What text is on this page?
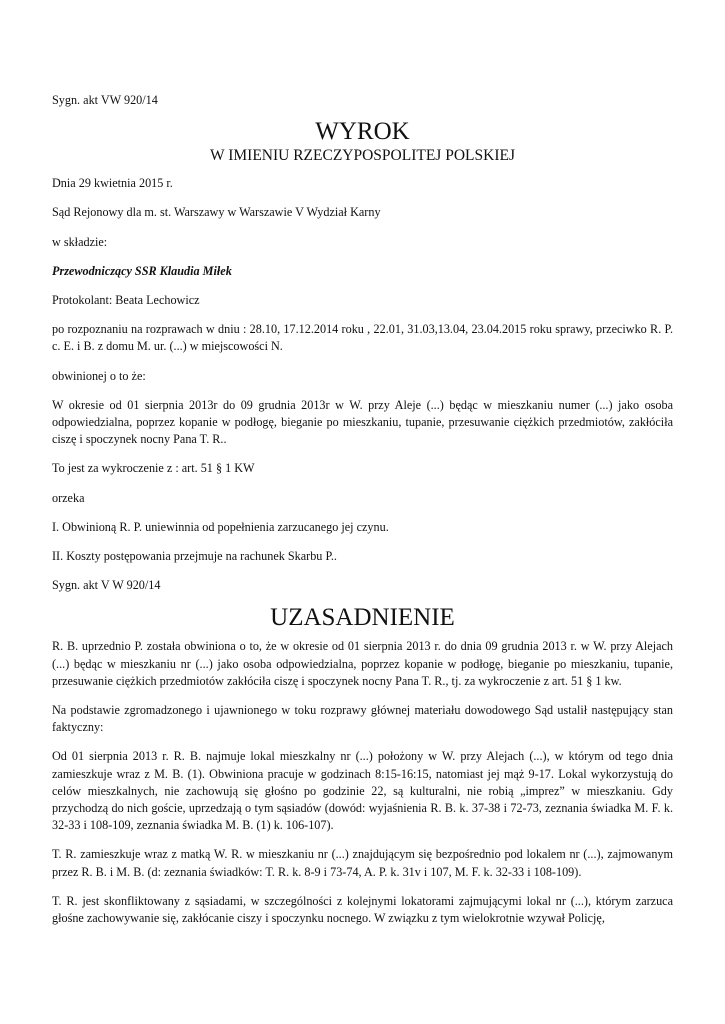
Sygn. akt VW 920/14

WYROK
W IMIENIU RZECZYPOSPOLITEJ POLSKIEJ

Dnia 29 kwietnia 2015 r.

Sąd Rejonowy dla m. st. Warszawy w Warszawie V Wydział Karny

w składzie:

Przewodniczący SSR Klaudia Miłek

Protokolant: Beata Lechowicz

po rozpoznaniu na rozprawach w dniu : 28.10, 17.12.2014 roku , 22.01, 31.03,13.04, 23.04.2015 roku sprawy, przeciwko R. P. c. E. i B. z domu M. ur. (...) w miejscowości N.

obwinionej o to że:

W okresie od 01 sierpnia 2013r do 09 grudnia 2013r w W. przy Aleje (...) będąc w mieszkaniu numer (...) jako osoba odpowiedzialna, poprzez kopanie w podłogę, bieganie po mieszkaniu, tupanie, przesuwanie ciężkich przedmiotów, zakłóciła ciszę i spoczynek nocny Pana T. R..

To jest za wykroczenie z : art. 51 § 1 KW

orzeka

I. Obwinioną R. P. uniewinnia od popełnienia zarzucanego jej czynu.

II. Koszty postępowania przejmuje na rachunek Skarbu P..

Sygn. akt V W 920/14

UZASADNIENIE

R. B. uprzednio P. została obwiniona o to, że w okresie od 01 sierpnia 2013 r. do dnia 09 grudnia 2013 r. w W. przy Alejach (...) będąc w mieszkaniu nr (...) jako osoba odpowiedzialna, poprzez kopanie w podłogę, bieganie po mieszkaniu, tupanie, przesuwanie ciężkich przedmiotów zakłóciła ciszę i spoczynek nocny Pana T. R., tj. za wykroczenie z art. 51 § 1 kw.

Na podstawie zgromadzonego i ujawnionego w toku rozprawy głównej materiału dowodowego Sąd ustalił następujący stan faktyczny:

Od 01 sierpnia 2013 r. R. B. najmuje lokal mieszkalny nr (...) położony w W. przy Alejach (...), w którym od tego dnia zamieszkuje wraz z M. B. (1). Obwiniona pracuje w godzinach 8:15-16:15, natomiast jej mąż 9-17. Lokal wykorzystują do celów mieszkalnych, nie zachowują się głośno po godzinie 22, są kulturalni, nie robią „imprez” w mieszkaniu. Gdy przychodzą do nich goście, uprzedzają o tym sąsiadów (dowód: wyjaśnienia R. B. k. 37-38 i 72-73, zeznania świadka M. F. k. 32-33 i 108-109, zeznania świadka M. B. (1) k. 106-107).

T. R. zamieszkuje wraz z matką W. R. w mieszkaniu nr (...) znajdującym się bezpośrednio pod lokalem nr (...), zajmowanym przez R. B. i M. B. (d: zeznania świadków: T. R. k. 8-9 i 73-74, A. P. k. 31v i 107, M. F. k. 32-33 i 108-109).

T. R. jest skonfliktowany z sąsiadami, w szczególności z kolejnymi lokatorami zajmującymi lokal nr (...), którym zarzuca głośne zachowywanie się, zakłócanie ciszy i spoczynku nocnego. W związku z tym wielokrotnie wzywał Policję,
